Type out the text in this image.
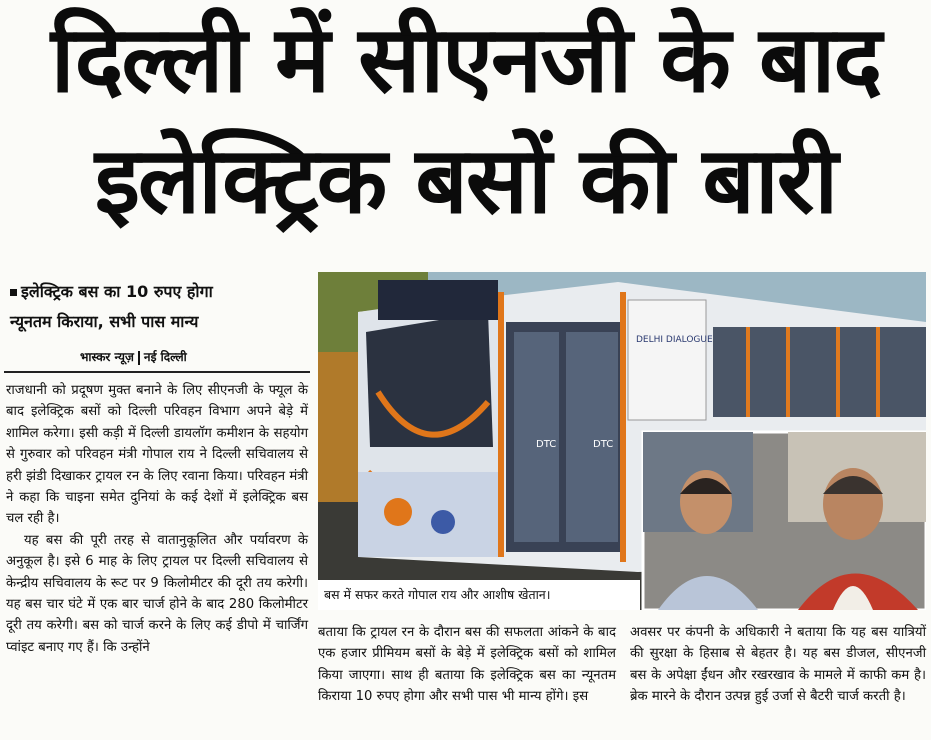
दिल्ली में सीएनजी के बाद
इलेक्ट्रिक बसों की बारी
इलेक्ट्रिक बस का 10 रुपए होगा
न्यूनतम किराया, सभी पास मान्य
भास्कर न्यूज़ नई दिल्ली

राजधानी को प्रदूषण मुक्त बनाने के लिए सीएनजी के फ्यूल के बाद इलेक्ट्रिक बसों को दिल्ली परिवहन विभाग अपने बेड़े में शामिल करेगा। इसी कड़ी में दिल्ली डायलॉग कमीशन के सहयोग से गुरुवार को परिवहन मंत्री गोपाल राय ने दिल्ली सचिवालय से हरी झंडी दिखाकर ट्रायल रन के लिए रवाना किया। परिवहन मंत्री ने कहा कि चाइना समेत दुनियां के कई देशों में इलेक्ट्रिक बस चल रही है।

यह बस की पूरी तरह से वातानुकूलित और पर्यावरण के अनुकूल है। इसे 6 माह के लिए ट्रायल पर दिल्ली सचिवालय से केन्द्रीय सचिवालय के रूट पर 9 किलोमीटर की दूरी तय करेगी। यह बस चार घंटे में एक बार चार्ज होने के बाद 280 किलोमीटर दूरी तय करेगी। बस को चार्ज करने के लिए कई डीपो में चार्जिंग प्वांइट बनाए गए हैं। कि उन्होंने

DELHI DIALOGUE
DTC	DTC
बस में सफर करते गोपाल राय और आशीष खेतान।

बताया कि ट्रायल रन के दौरान बस की सफलता आंकने के बाद एक हजार प्रीमियम बसों के बेड़े में इलेक्ट्रिक बसों को शामिल किया जाएगा। साथ ही बताया कि इलेक्ट्रिक बस का न्यूनतम किराया 10 रुपए होगा और सभी पास भी मान्य होंगे। इस

अवसर पर कंपनी के अधिकारी ने बताया कि यह बस यात्रियों की सुरक्षा के हिसाब से बेहतर है। यह बस डीजल, सीएनजी बस के अपेक्षा ईंधन और रखरखाव के मामले में काफी कम है। ब्रेक मारने के दौरान उत्पन्न हुई उर्जा से बैटरी चार्ज करती है।
